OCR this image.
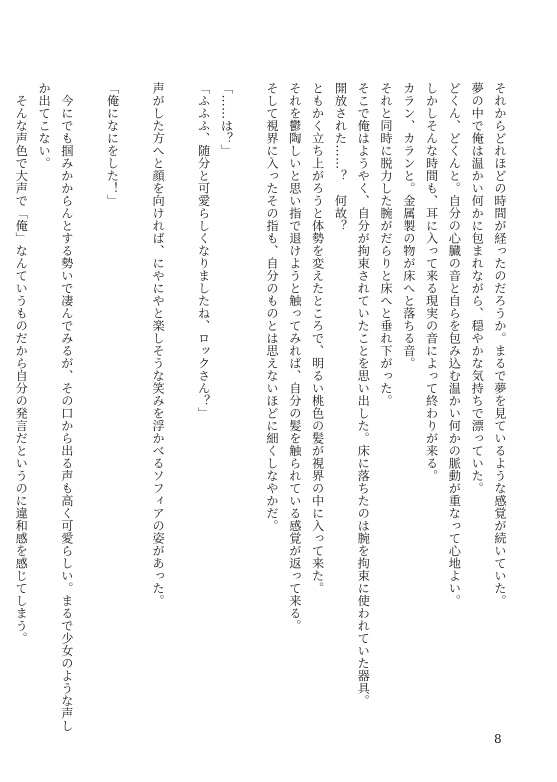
それからどれほどの時間が経ったのだろうか。まるで夢を見ているような感覚が続いていた。

夢の中で俺は温かい何かに包まれながら、穏やかな気持ちで漂っていた。

どくん、どくんと。自分の心臓の音と自らを包み込む温かい何かの脈動が重なって心地よい。

しかしそんな時間も、耳に入って来る現実の音によって終わりが来る。

カラン、カランと。金属製の物が床へと落ちる音。

それと同時に脱力した腕がだらりと床へと垂れ下がった。

そこで俺はようやく、自分が拘束されていたことを思い出した。床に落ちたのは腕を拘束に使われていた器具。

開放された……？　何故？

ともかく立ち上がろうと体勢を変えたところで、明るい桃色の髪が視界の中に入って来た。

それを鬱陶しいと思い指で退けようと触ってみれば、自分の髪を触られている感覚が返って来る。

そして視界に入ったその指も、自分のものとは思えないほどに細くしなやかだ。

「……は？」

「ふふふ、随分と可愛らしくなりましたね、ロックさん？」

声がした方へと顔を向ければ、にやにやと楽しそうな笑みを浮かべるソフィアの姿があった。

「俺になにをした！」

　今にでも掴みかからんとする勢いで凄んでみるが、その口から出る声も高く可愛らしい。まるで少女のような声し

か出てこない。

　そんな声色で大声で「俺」なんていうものだから自分の発言だというのに違和感を感じてしまう。

8
